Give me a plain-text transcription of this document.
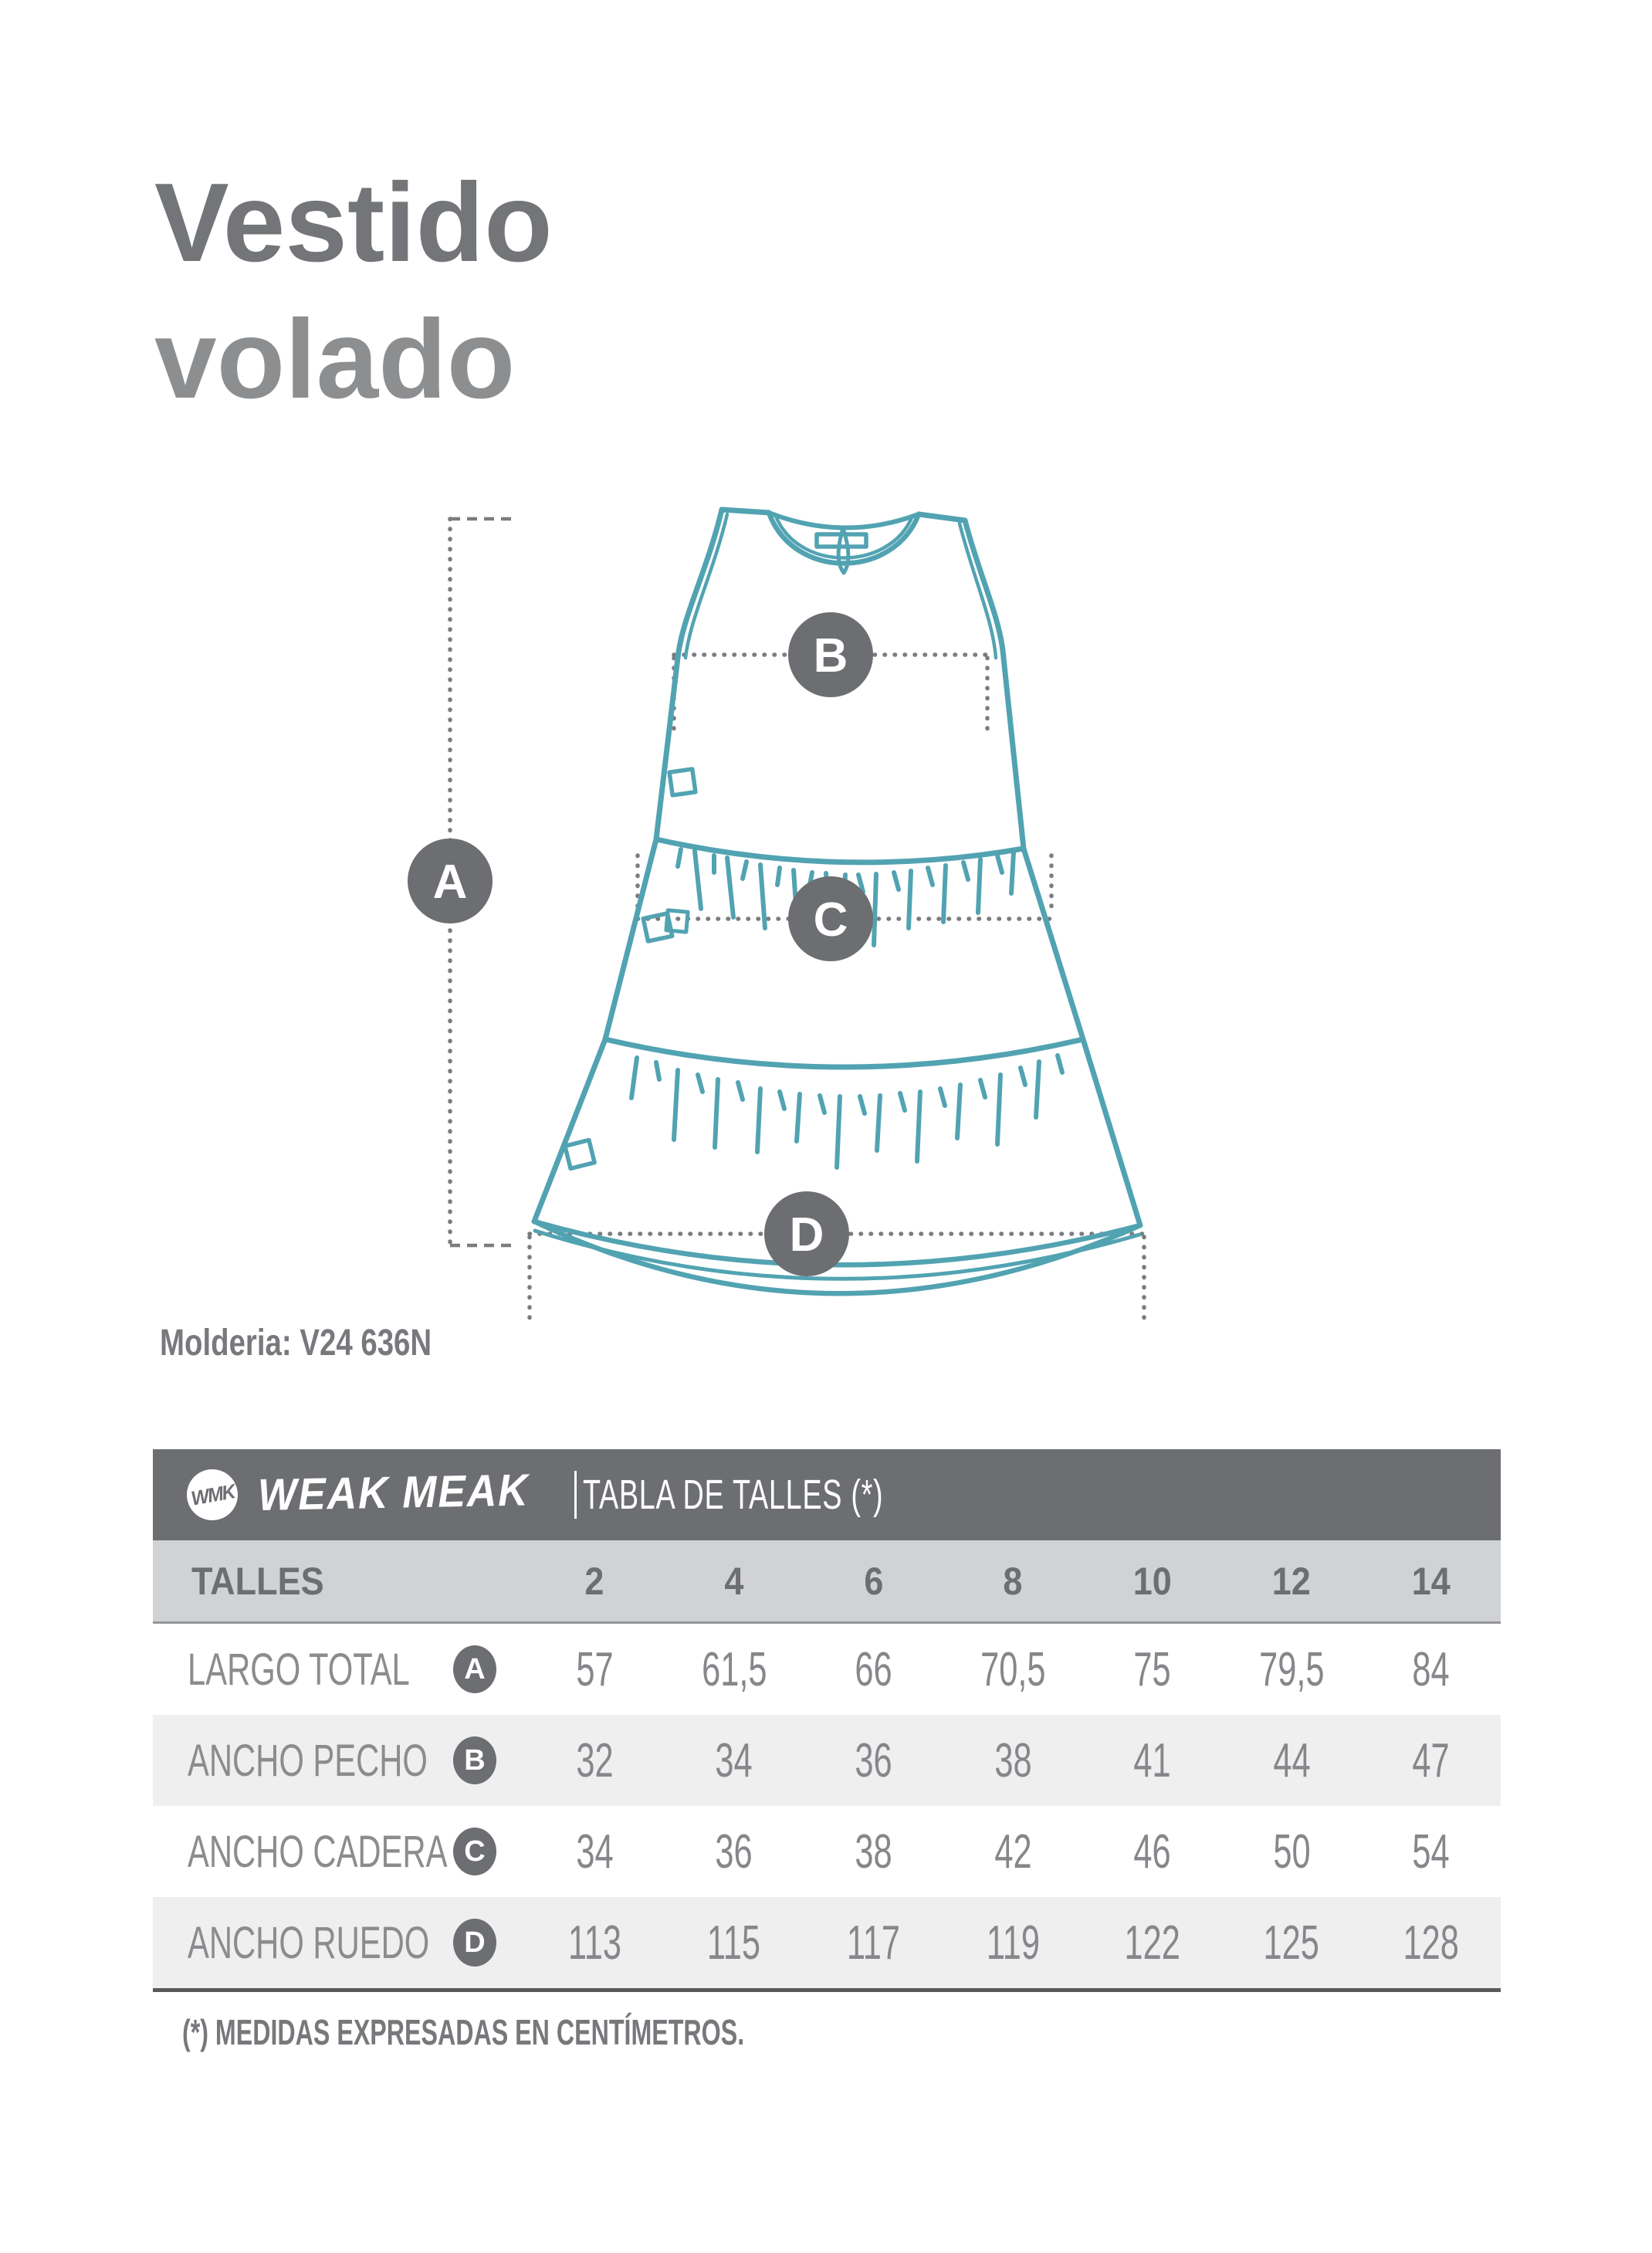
Vestido
volado
A
B
C
D
Molderia: V24 636N
WMK WEAK MEAK TABLA DE TALLES (*)
TALLES	2	4	6	8	10	12	14
LARGO TOTAL	A	57	61,5	66	70,5	75	79,5	84
ANCHO PECHO	B	32	34	36	38	41	44	47
ANCHO CADERA C	34	36	38	42	46	50	54
ANCHO RUEDO	D	113	115	117	119	122	125	128
(*) MEDIDAS EXPRESADAS EN CENTÍMETROS.
